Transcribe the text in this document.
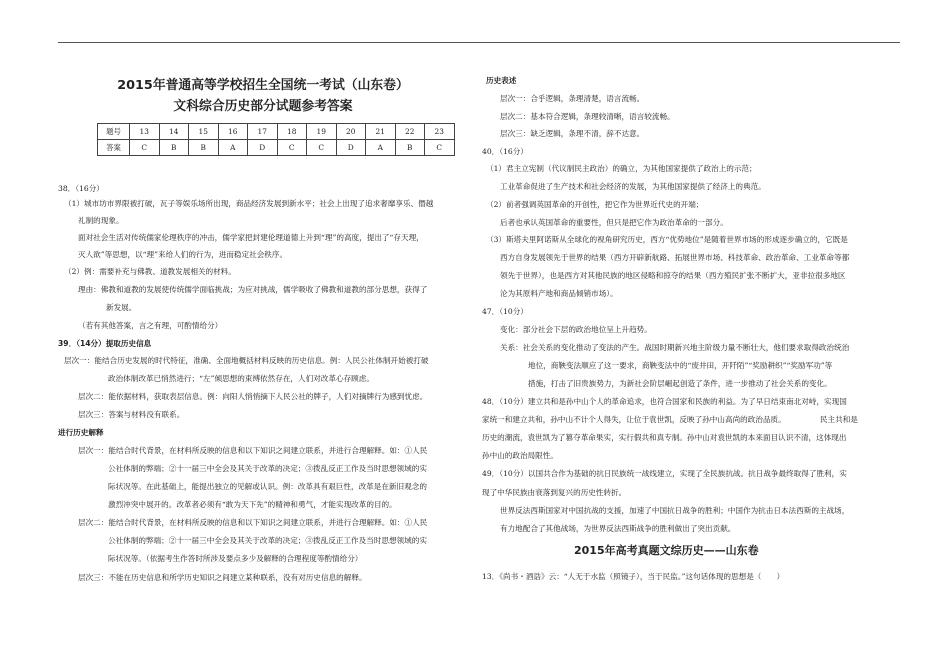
2015年普通高等学校招生全国统一考试（山东卷）
文科综合历史部分试题参考答案
题号	13	14	15	16	17	18	19	20	21	22	23
答案	C	B	B	A	D	C	C	D	A	B	C
38．（16分）
（1）城市坊市界限被打破，瓦子等娱乐场所出现，商品经济发展到新水平；社会上出现了追求奢靡享乐、僭越
礼制的现象。
面对社会生活对传统儒家伦理秩序的冲击，儒学家把封建伦理道德上升到“理”的高度，提出了“存天理，
灭人欲”等思想，以“理”来给人们的行为，进而稳定社会秩序。
（2）例：需要补充与佛教、道教发展相关的材料。
理由：佛教和道教的发展使传统儒学面临挑战；为应对挑战，儒学吸收了佛教和道教的部分思想，获得了
新发展。
（若有其他答案，言之有理，可酌情给分）
39．（14分）提取历史信息
层次一：能结合历史发展的时代特征，准确、全面地概括材料反映的历史信息。例：人民公社体制开始被打破
政治体制改革已悄然进行；“左”倾思想的束缚依然存在，人们对改革心存顾虑。
层次二：能依据材料，获取表层信息。例：向阳人悄悄摘下人民公社的牌子，人们对摘牌行为感到忧虑。
层次三：答案与材料没有联系。
进行历史解释
层次一：能结合时代背景，在材料所反映的信息和以下知识之间建立联系，并进行合理解释。如：①人民
公社体制的弊端；②十一届三中全会及其关于改革的决定；③拨乱反正工作及当时思想领域的实
际状况等。在此基础上，能提出独立的见解或认识。例：改革具有艰巨性，改革是在新旧观念的
激烈冲突中展开的。改革者必须有“敢为天下先”的精神和勇气，才能实现改革的目的。
层次二：能结合时代背景，在材料所反映的信息和以下知识之间建立联系，并进行合理解释。如：①人民
公社体制的弊端；②十一届三中全会及其关于改革的决定；③拨乱反正工作及当时思想领域的实
际状况等。（依据考生作答时所涉及要点多少及解释的合理程度等酌情给分）
层次三：不能在历史信息和所学历史知识之间建立某种联系，没有对历史信息的解释。
历史表述
层次一：合乎逻辑，条理清楚，语言流畅。
层次二：基本符合逻辑，条理较清晰，语言较流畅。
层次三：缺乏逻辑，条理不清，辞不达意。
40．（16分）
（1）君主立宪制（代议制民主政治）的确立，为其他国家提供了政治上的示范；
工业革命促进了生产技术和社会经济的发展，为其他国家提供了经济上的典范。
（2）前者强调英国革命的开创性，把它作为世界近代史的开端；
后者也承认英国革命的重要性，但只是把它作为政治革命的一部分。
（3）斯塔夫里阿诺斯从全球化的视角研究历史，西方“优势地位”是随着世界市场的形成逐步确立的，它既是
西方自身发展领先于世界的结果（西方开辟新航路、拓展世界市场、科技革命、政治革命、工业革命等都
领先于世界），也是西方对其他民族的地区侵略和掠夺的结果（西方殖民扩张不断扩大，亚非拉很多地区
沦为其原料产地和商品倾销市场）。
47．（10分）
变化：部分社会下层的政治地位呈上升趋势。
关系：社会关系的变化推动了变法的产生。战国时期新兴地主阶级力量不断壮大，他们要求取得政治统治
地位，商鞅变法顺应了这一要求，商鞅变法中的“废井田，开阡陌”“奖励耕织”“奖励军功”等
措施，打击了旧贵族势力，为新社会阶层崛起创造了条件，进一步推动了社会关系的变化。
48．（10分）建立共和是孙中山个人的革命追求，也符合国家和民族的利益。为了早日结束南北对峙，实现国
家统一和建立共和，孙中山不计个人得失，让位于袁世凯，反映了孙中山高尚的政治品质。　　　　　民主共和是
历史的潮流，袁世凯为了篡夺革命果实，实行假共和真专制。孙中山对袁世凯的本来面目认识不清，这体现出
孙中山的政治局限性。
49．（10分）以国共合作为基础的抗日民族统一战线建立，实现了全民族抗战。抗日战争最终取得了胜利，实
现了中华民族由衰落到复兴的历史性转折。
世界反法西斯国家对中国抗战的支援，加速了中国抗日战争的胜利；中国作为抗击日本法西斯的主战场，
有力地配合了其他战场，为世界反法西斯战争的胜利做出了突出贡献。
13．《尚书・酒诰》云：“人无于水监（照镜子），当于民监。”这句话体现的思想是（　　）
2015年高考真题文综历史——山东卷
